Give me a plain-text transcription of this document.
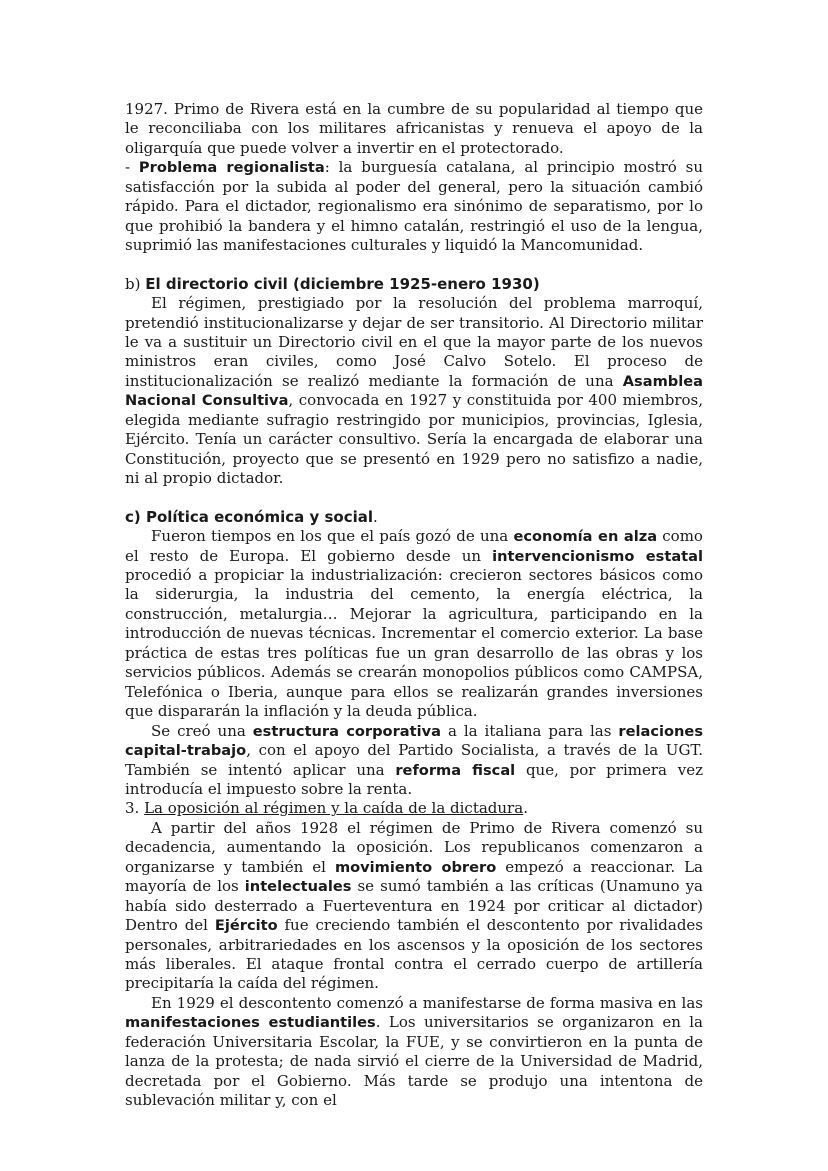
1927. Primo de Rivera está en la cumbre de su popularidad al tiempo que le reconciliaba con los militares africanistas y renueva el apoyo de la oligarquía que puede volver a invertir en el protectorado.

- Problema regionalista: la burguesía catalana, al principio mostró su satisfacción por la subida al poder del general, pero la situación cambió rápido. Para el dictador, regionalismo era sinónimo de separatismo, por lo que prohibió la bandera y el himno catalán, restringió el uso de la lengua, suprimió las manifestaciones culturales y liquidó la Mancomunidad.

b) El directorio civil (diciembre 1925-enero 1930)

El régimen, prestigiado por la resolución del problema marroquí, pretendió institucionalizarse y dejar de ser transitorio. Al Directorio militar le va a sustituir un Directorio civil en el que la mayor parte de los nuevos ministros eran civiles, como José Calvo Sotelo. El proceso de institucionalización se realizó mediante la formación de una Asamblea Nacional Consultiva, convocada en 1927 y constituida por 400 miembros, elegida mediante sufragio restringido por municipios, provincias, Iglesia, Ejército. Tenía un carácter consultivo. Sería la encargada de elaborar una Constitución, proyecto que se presentó en 1929 pero no satisfizo a nadie, ni al propio dictador.

c) Política económica y social.

Fueron tiempos en los que el país gozó de una economía en alza como el resto de Europa. El gobierno desde un intervencionismo estatal procedió a propiciar la industrialización: crecieron sectores básicos como la siderurgia, la industria del cemento, la energía eléctrica, la construcción, metalurgia… Mejorar la agricultura, participando en la introducción de nuevas técnicas. Incrementar el comercio exterior. La base práctica de estas tres políticas fue un gran desarrollo de las obras y los servicios públicos. Además se crearán monopolios públicos como CAMPSA, Telefónica o Iberia, aunque para ellos se realizarán grandes inversiones que dispararán la inflación y la deuda pública.

Se creó una estructura corporativa a la italiana para las relaciones capital-trabajo, con el apoyo del Partido Socialista, a través de la UGT. También se intentó aplicar una reforma fiscal que, por primera vez introducía el impuesto sobre la renta.

3. La oposición al régimen y la caída de la dictadura.

A partir del años 1928 el régimen de Primo de Rivera comenzó su decadencia, aumentando la oposición. Los republicanos comenzaron a organizarse y también el movimiento obrero empezó a reaccionar. La mayoría de los intelectuales se sumó también a las críticas (Unamuno ya había sido desterrado a Fuerteventura en 1924 por criticar al dictador) Dentro del Ejército fue creciendo también el descontento por rivalidades personales, arbitrariedades en los ascensos y la oposición de los sectores más liberales. El ataque frontal contra el cerrado cuerpo de artillería precipitaría la caída del régimen.

En 1929 el descontento comenzó a manifestarse de forma masiva en las manifestaciones estudiantiles. Los universitarios se organizaron en la federación Universitaria Escolar, la FUE, y se convirtieron en la punta de lanza de la protesta; de nada sirvió el cierre de la Universidad de Madrid, decretada por el Gobierno. Más tarde se produjo una intentona de sublevación militar y, con el
